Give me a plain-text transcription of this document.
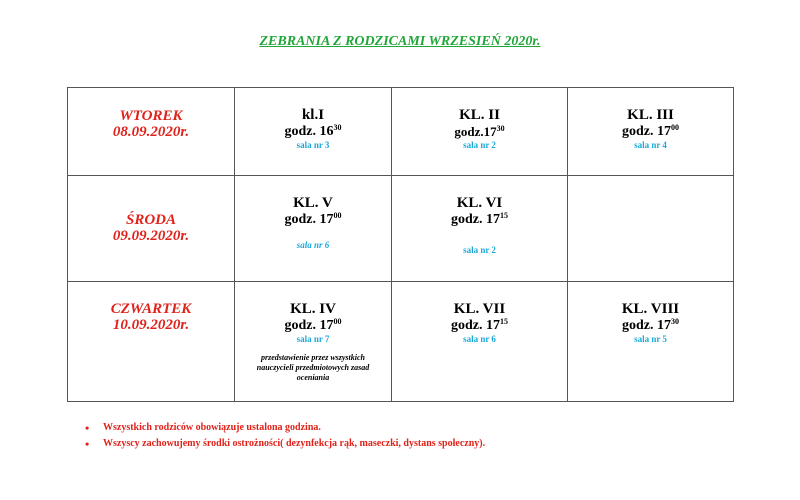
ZEBRANIA Z RODZICAMI WRZESIEŃ 2020r.
WTOREK
08.09.2020r.	kl.I
godz. $16^{30}$
sala nr 3	KL. II
$godz.17^{30}$
sala nr 2	KL. III
godz. $17^{00}$
sala nr 4

ŚRODA
09.09.2020r.	KL. V
godz. $17^{00}$
sala nr 6	KL. VI
godz. $17^{15}$
sala nr 2	

CZWARTEK
10.09.2020r.	KL. IV
godz. $17^{00}$
sala nr 7
przedstawienie przez wszystkich nauczycieli przedmiotowych zasad oceniania	KL. VII
godz. $17^{15}$
sala nr 6	KL. VIII
godz. $17^{30}$
sala nr 5
• Wszystkich rodziców obowiązuje ustalona godzina.
• Wszyscy zachowujemy środki ostrożności( dezynfekcja rąk, maseczki, dystans społeczny).
